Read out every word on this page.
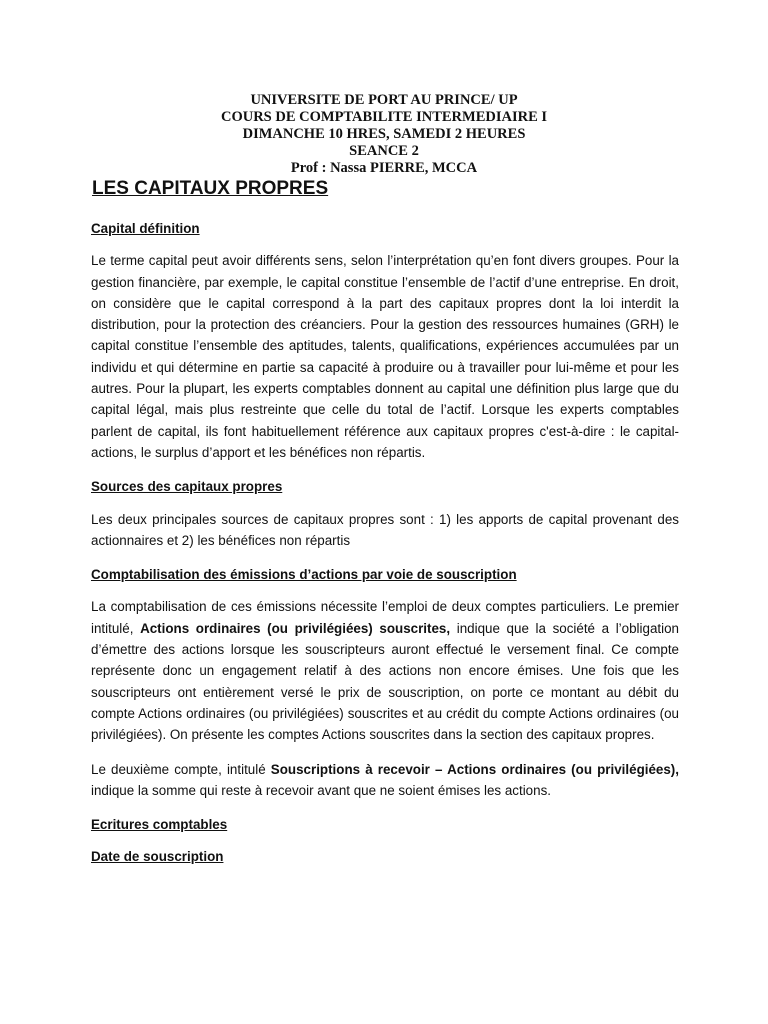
UNIVERSITE DE PORT AU PRINCE/ UP
COURS DE COMPTABILITE INTERMEDIAIRE I
DIMANCHE 10 HRES, SAMEDI 2 HEURES
SEANCE 2
Prof : Nassa PIERRE, MCCA
LES CAPITAUX PROPRES
Capital définition

Le terme capital peut avoir différents sens, selon l’interprétation qu’en font divers groupes. Pour la gestion financière, par exemple, le capital constitue l’ensemble de l’actif d’une entreprise. En droit, on considère que le capital correspond à la part des capitaux propres dont la loi interdit la distribution, pour la protection des créanciers. Pour la gestion des ressources humaines (GRH) le capital constitue l’ensemble des aptitudes, talents, qualifications, expériences accumulées par un individu et qui détermine en partie sa capacité à produire ou à travailler pour lui-même et pour les autres. Pour la plupart, les experts comptables donnent au capital une définition plus large que du capital légal, mais plus restreinte que celle du total de l’actif. Lorsque les experts comptables parlent de capital, ils font habituellement référence aux capitaux propres c'est-à-dire : le capital-actions, le surplus d’apport et les bénéfices non répartis.

Sources des capitaux propres

Les deux principales sources de capitaux propres sont : 1) les apports de capital provenant des actionnaires et 2) les bénéfices non répartis

Comptabilisation des émissions d’actions par voie de souscription

La comptabilisation de ces émissions nécessite l’emploi de deux comptes particuliers. Le premier intitulé, Actions ordinaires (ou privilégiées) souscrites, indique que la société a l’obligation d’émettre des actions lorsque les souscripteurs auront effectué le versement final. Ce compte représente donc un engagement relatif à des actions non encore émises. Une fois que les souscripteurs ont entièrement versé le prix de souscription, on porte ce montant au débit du compte Actions ordinaires (ou privilégiées) souscrites et au crédit du compte Actions ordinaires (ou privilégiées). On présente les comptes Actions souscrites dans la section des capitaux propres.

Le deuxième compte, intitulé Souscriptions à recevoir – Actions ordinaires (ou privilégiées), indique la somme qui reste à recevoir avant que ne soient émises les actions.

Ecritures comptables
Date de souscription
